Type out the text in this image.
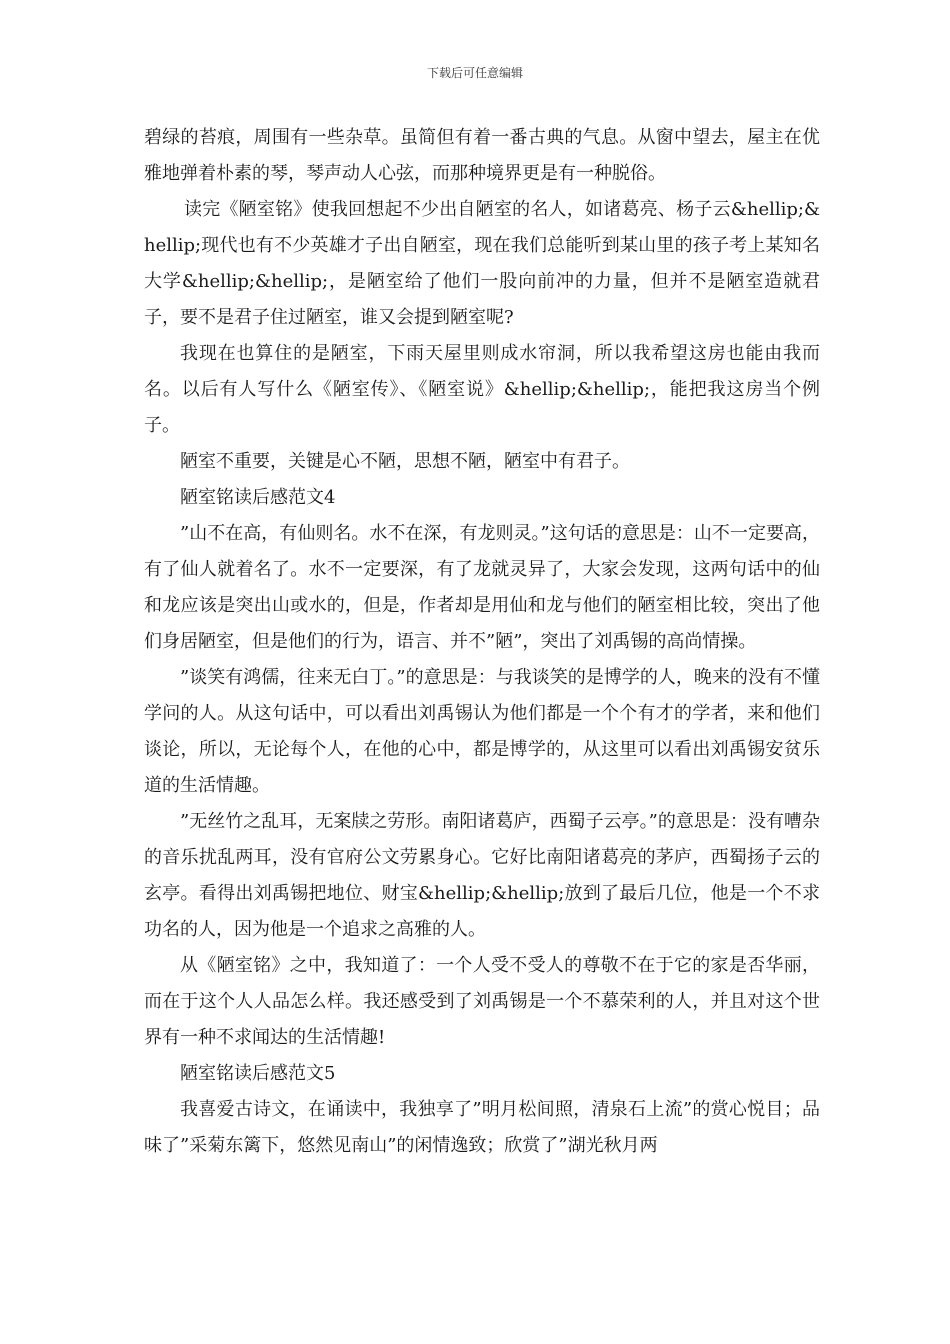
下载后可任意编辑

碧绿的苔痕，周围有一些杂草。虽简但有着一番古典的气息。从窗中望去，屋主在优雅地弹着朴素的琴，琴声动人心弦，而那种境界更是有一种脱俗。

读完《陋室铭》使我回想起不少出自陋室的名人，如诸葛亮、杨子云&hellip;&hellip;现代也有不少英雄才子出自陋室，现在我们总能听到某山里的孩子考上某知名大学&hellip;&hellip;，是陋室给了他们一股向前冲的力量，但并不是陋室造就君子，要不是君子住过陋室，谁又会提到陋室呢?

我现在也算住的是陋室，下雨天屋里则成水帘洞，所以我希望这房也能由我而名。以后有人写什么《陋室传》、《陋室说》&hellip;&hellip;，能把我这房当个例子。

陋室不重要，关键是心不陋，思想不陋，陋室中有君子。

陋室铭读后感范文4

”山不在高，有仙则名。水不在深，有龙则灵。”这句话的意思是：山不一定要高，有了仙人就着名了。水不一定要深，有了龙就灵异了，大家会发现，这两句话中的仙和龙应该是突出山或水的，但是，作者却是用仙和龙与他们的陋室相比较，突出了他们身居陋室，但是他们的行为，语言、并不”陋”，突出了刘禹锡的高尚情操。

”谈笑有鸿儒，往来无白丁。”的意思是：与我谈笑的是博学的人，晚来的没有不懂学问的人。从这句话中，可以看出刘禹锡认为他们都是一个个有才的学者，来和他们谈论，所以，无论每个人，在他的心中，都是博学的，从这里可以看出刘禹锡安贫乐道的生活情趣。

”无丝竹之乱耳，无案牍之劳形。南阳诸葛庐，西蜀子云亭。”的意思是：没有嘈杂的音乐扰乱两耳，没有官府公文劳累身心。它好比南阳诸葛亮的茅庐，西蜀扬子云的玄亭。看得出刘禹锡把地位、财宝&hellip;&hellip;放到了最后几位，他是一个不求功名的人，因为他是一个追求之高雅的人。

从《陋室铭》之中，我知道了：一个人受不受人的尊敬不在于它的家是否华丽，而在于这个人人品怎么样。我还感受到了刘禹锡是一个不慕荣利的人，并且对这个世界有一种不求闻达的生活情趣!

陋室铭读后感范文5

我喜爱古诗文，在诵读中，我独享了”明月松间照，清泉石上流”的赏心悦目；品味了”采菊东篱下，悠然见南山”的闲情逸致；欣赏了”湖光秋月两
